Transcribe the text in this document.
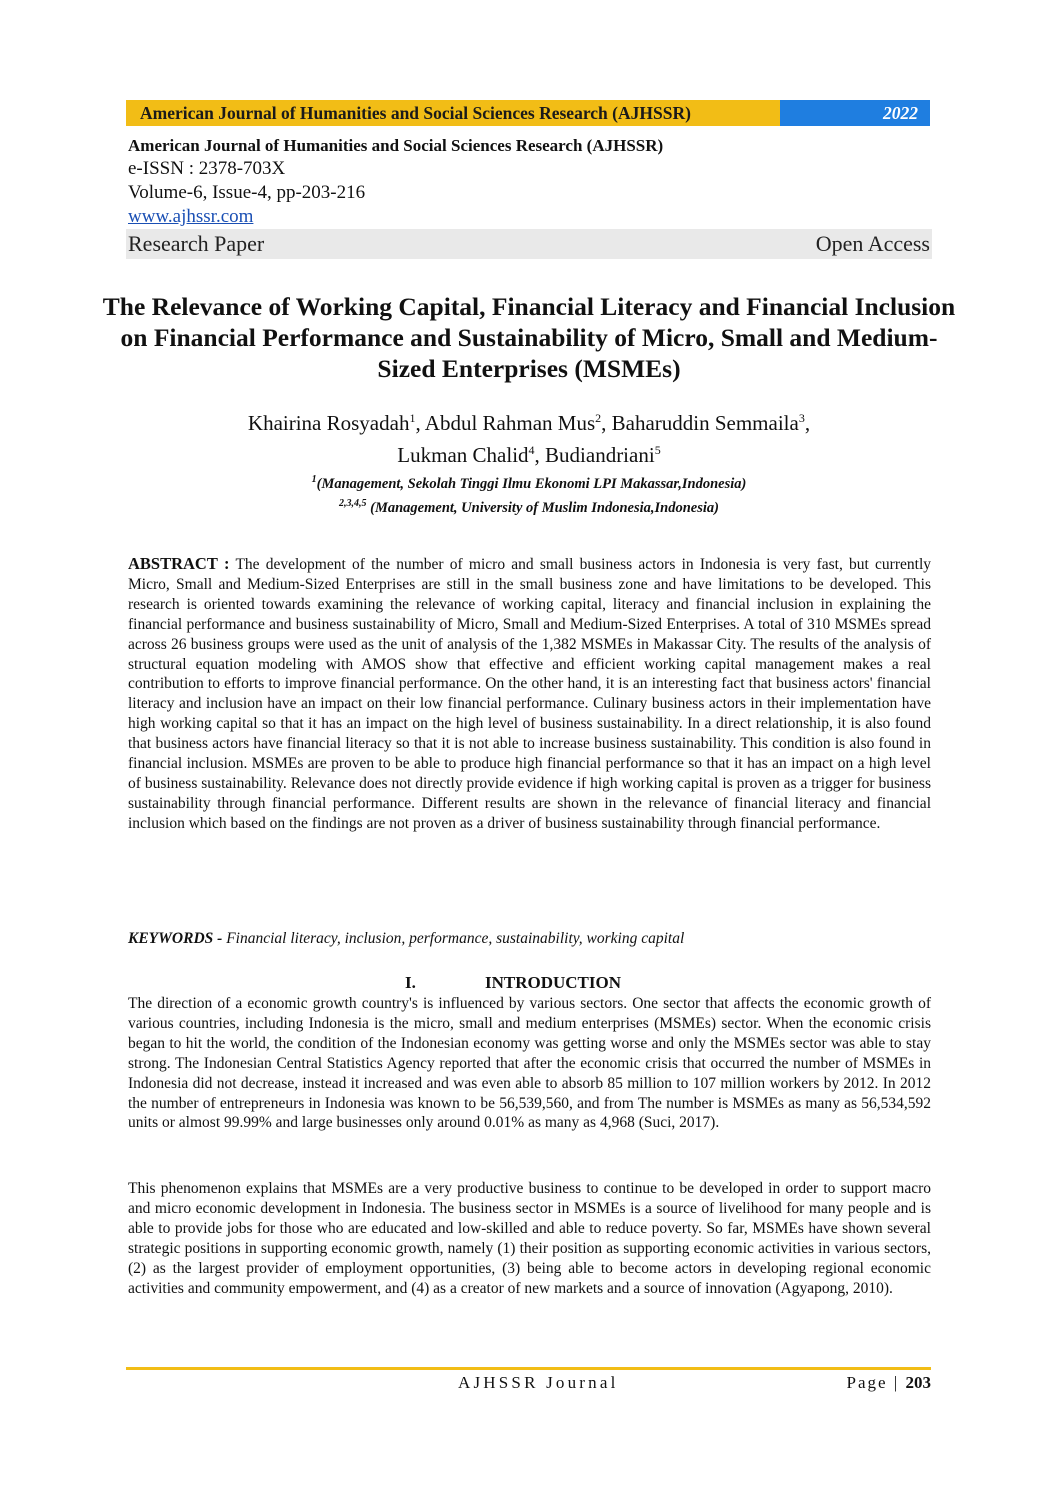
American Journal of Humanities and Social Sciences Research (AJHSSR)	2022
American Journal of Humanities and Social Sciences Research (AJHSSR)
e-ISSN : 2378-703X
Volume-6, Issue-4, pp-203-216
www.ajhssr.com
Research Paper	Open Access
The Relevance of Working Capital, Financial Literacy and Financial Inclusion on Financial Performance and Sustainability of Micro, Small and Medium-Sized Enterprises (MSMEs)
Khairina Rosyadah$^1$, Abdul Rahman Mus$^2$, Baharuddin Semmaila$^3$,
Lukman Chalid$^4$, Budiandriani$^5$
$^1$(Management, Sekolah Tinggi Ilmu Ekonomi LPI Makassar,Indonesia)
$^{2,3,4,5}$ (Management, University of Muslim Indonesia,Indonesia)
ABSTRACT : The development of the number of micro and small business actors in Indonesia is very fast, but currently Micro, Small and Medium-Sized Enterprises are still in the small business zone and have limitations to be developed. This research is oriented towards examining the relevance of working capital, literacy and financial inclusion in explaining the financial performance and business sustainability of Micro, Small and Medium-Sized Enterprises. A total of 310 MSMEs spread across 26 business groups were used as the unit of analysis of the 1,382 MSMEs in Makassar City. The results of the analysis of structural equation modeling with AMOS show that effective and efficient working capital management makes a real contribution to efforts to improve financial performance. On the other hand, it is an interesting fact that business actors' financial literacy and inclusion have an impact on their low financial performance. Culinary business actors in their implementation have high working capital so that it has an impact on the high level of business sustainability. In a direct relationship, it is also found that business actors have financial literacy so that it is not able to increase business sustainability. This condition is also found in financial inclusion. MSMEs are proven to be able to produce high financial performance so that it has an impact on a high level of business sustainability. Relevance does not directly provide evidence if high working capital is proven as a trigger for business sustainability through financial performance. Different results are shown in the relevance of financial literacy and financial inclusion which based on the findings are not proven as a driver of business sustainability through financial performance.
KEYWORDS - Financial literacy, inclusion, performance, sustainability, working capital
I.	INTRODUCTION
The direction of a economic growth country's is influenced by various sectors. One sector that affects the economic growth of various countries, including Indonesia is the micro, small and medium enterprises (MSMEs) sector. When the economic crisis began to hit the world, the condition of the Indonesian economy was getting worse and only the MSMEs sector was able to stay strong. The Indonesian Central Statistics Agency reported that after the economic crisis that occurred the number of MSMEs in Indonesia did not decrease, instead it increased and was even able to absorb 85 million to 107 million workers by 2012. In 2012 the number of entrepreneurs in Indonesia was known to be 56,539,560, and from The number is MSMEs as many as 56,534,592 units or almost 99.99% and large businesses only around 0.01% as many as 4,968 (Suci, 2017).
This phenomenon explains that MSMEs are a very productive business to continue to be developed in order to support macro and micro economic development in Indonesia. The business sector in MSMEs is a source of livelihood for many people and is able to provide jobs for those who are educated and low-skilled and able to reduce poverty. So far, MSMEs have shown several strategic positions in supporting economic growth, namely (1) their position as supporting economic activities in various sectors, (2) as the largest provider of employment opportunities, (3) being able to become actors in developing regional economic activities and community empowerment, and (4) as a creator of new markets and a source of innovation (Agyapong, 2010).
AJHSSR Journal	Page | 203
